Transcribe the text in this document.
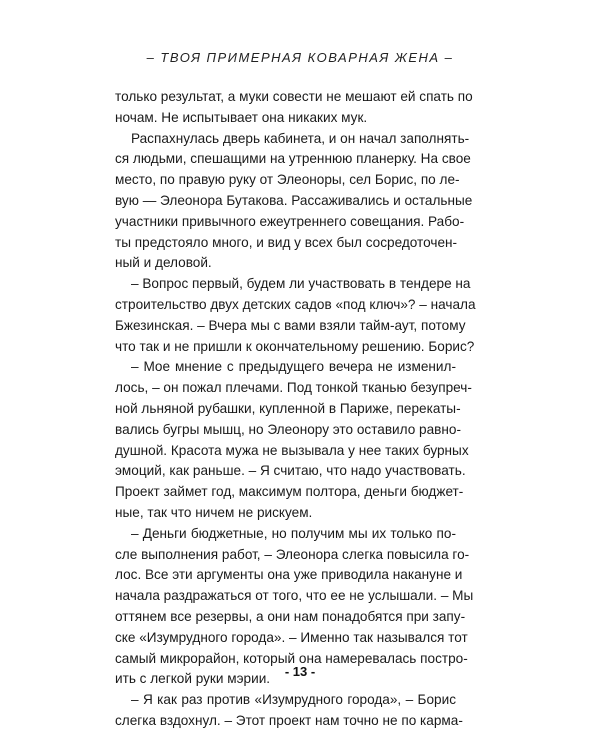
– ТВОЯ ПРИМЕРНАЯ КОВАРНАЯ ЖЕНА –
только результат, а муки совести не мешают ей спать по
ночам. Не испытывает она никаких мук.
Распахнулась дверь кабинета, и он начал заполнять-
ся людьми, спешащими на утреннюю планерку. На свое
место, по правую руку от Элеоноры, сел Борис, по ле-
вую — Элеонора Бутакова. Рассаживались и остальные
участники привычного ежеутреннего совещания. Рабо-
ты предстояло много, и вид у всех был сосредоточен-
ный и деловой.
– Вопрос первый, будем ли участвовать в тендере на
строительство двух детских садов «под ключ»? – начала
Бжезинская. – Вчера мы с вами взяли тайм-аут, потому
что так и не пришли к окончательному решению. Борис?
– Мое мнение с предыдущего вечера не изменил-
лось, – он пожал плечами. Под тонкой тканью безупреч-
ной льняной рубашки, купленной в Париже, перекаты-
вались бугры мышц, но Элеонору это оставило равно-
душной. Красота мужа не вызывала у нее таких бурных
эмоций, как раньше. – Я считаю, что надо участвовать.
Проект займет год, максимум полтора, деньги бюджет-
ные, так что ничем не рискуем.
– Деньги бюджетные, но получим мы их только по-
сле выполнения работ, – Элеонора слегка повысила го-
лос. Все эти аргументы она уже приводила накануне и
начала раздражаться от того, что ее не услышали. – Мы
оттянем все резервы, а они нам понадобятся при запу-
ске «Изумрудного города». – Именно так назывался тот
самый микрорайон, который она намеревалась постро-
ить с легкой руки мэрии.
– Я как раз против «Изумрудного города», – Борис
слегка вздохнул. – Этот проект нам точно не по карма-
- 13 -
